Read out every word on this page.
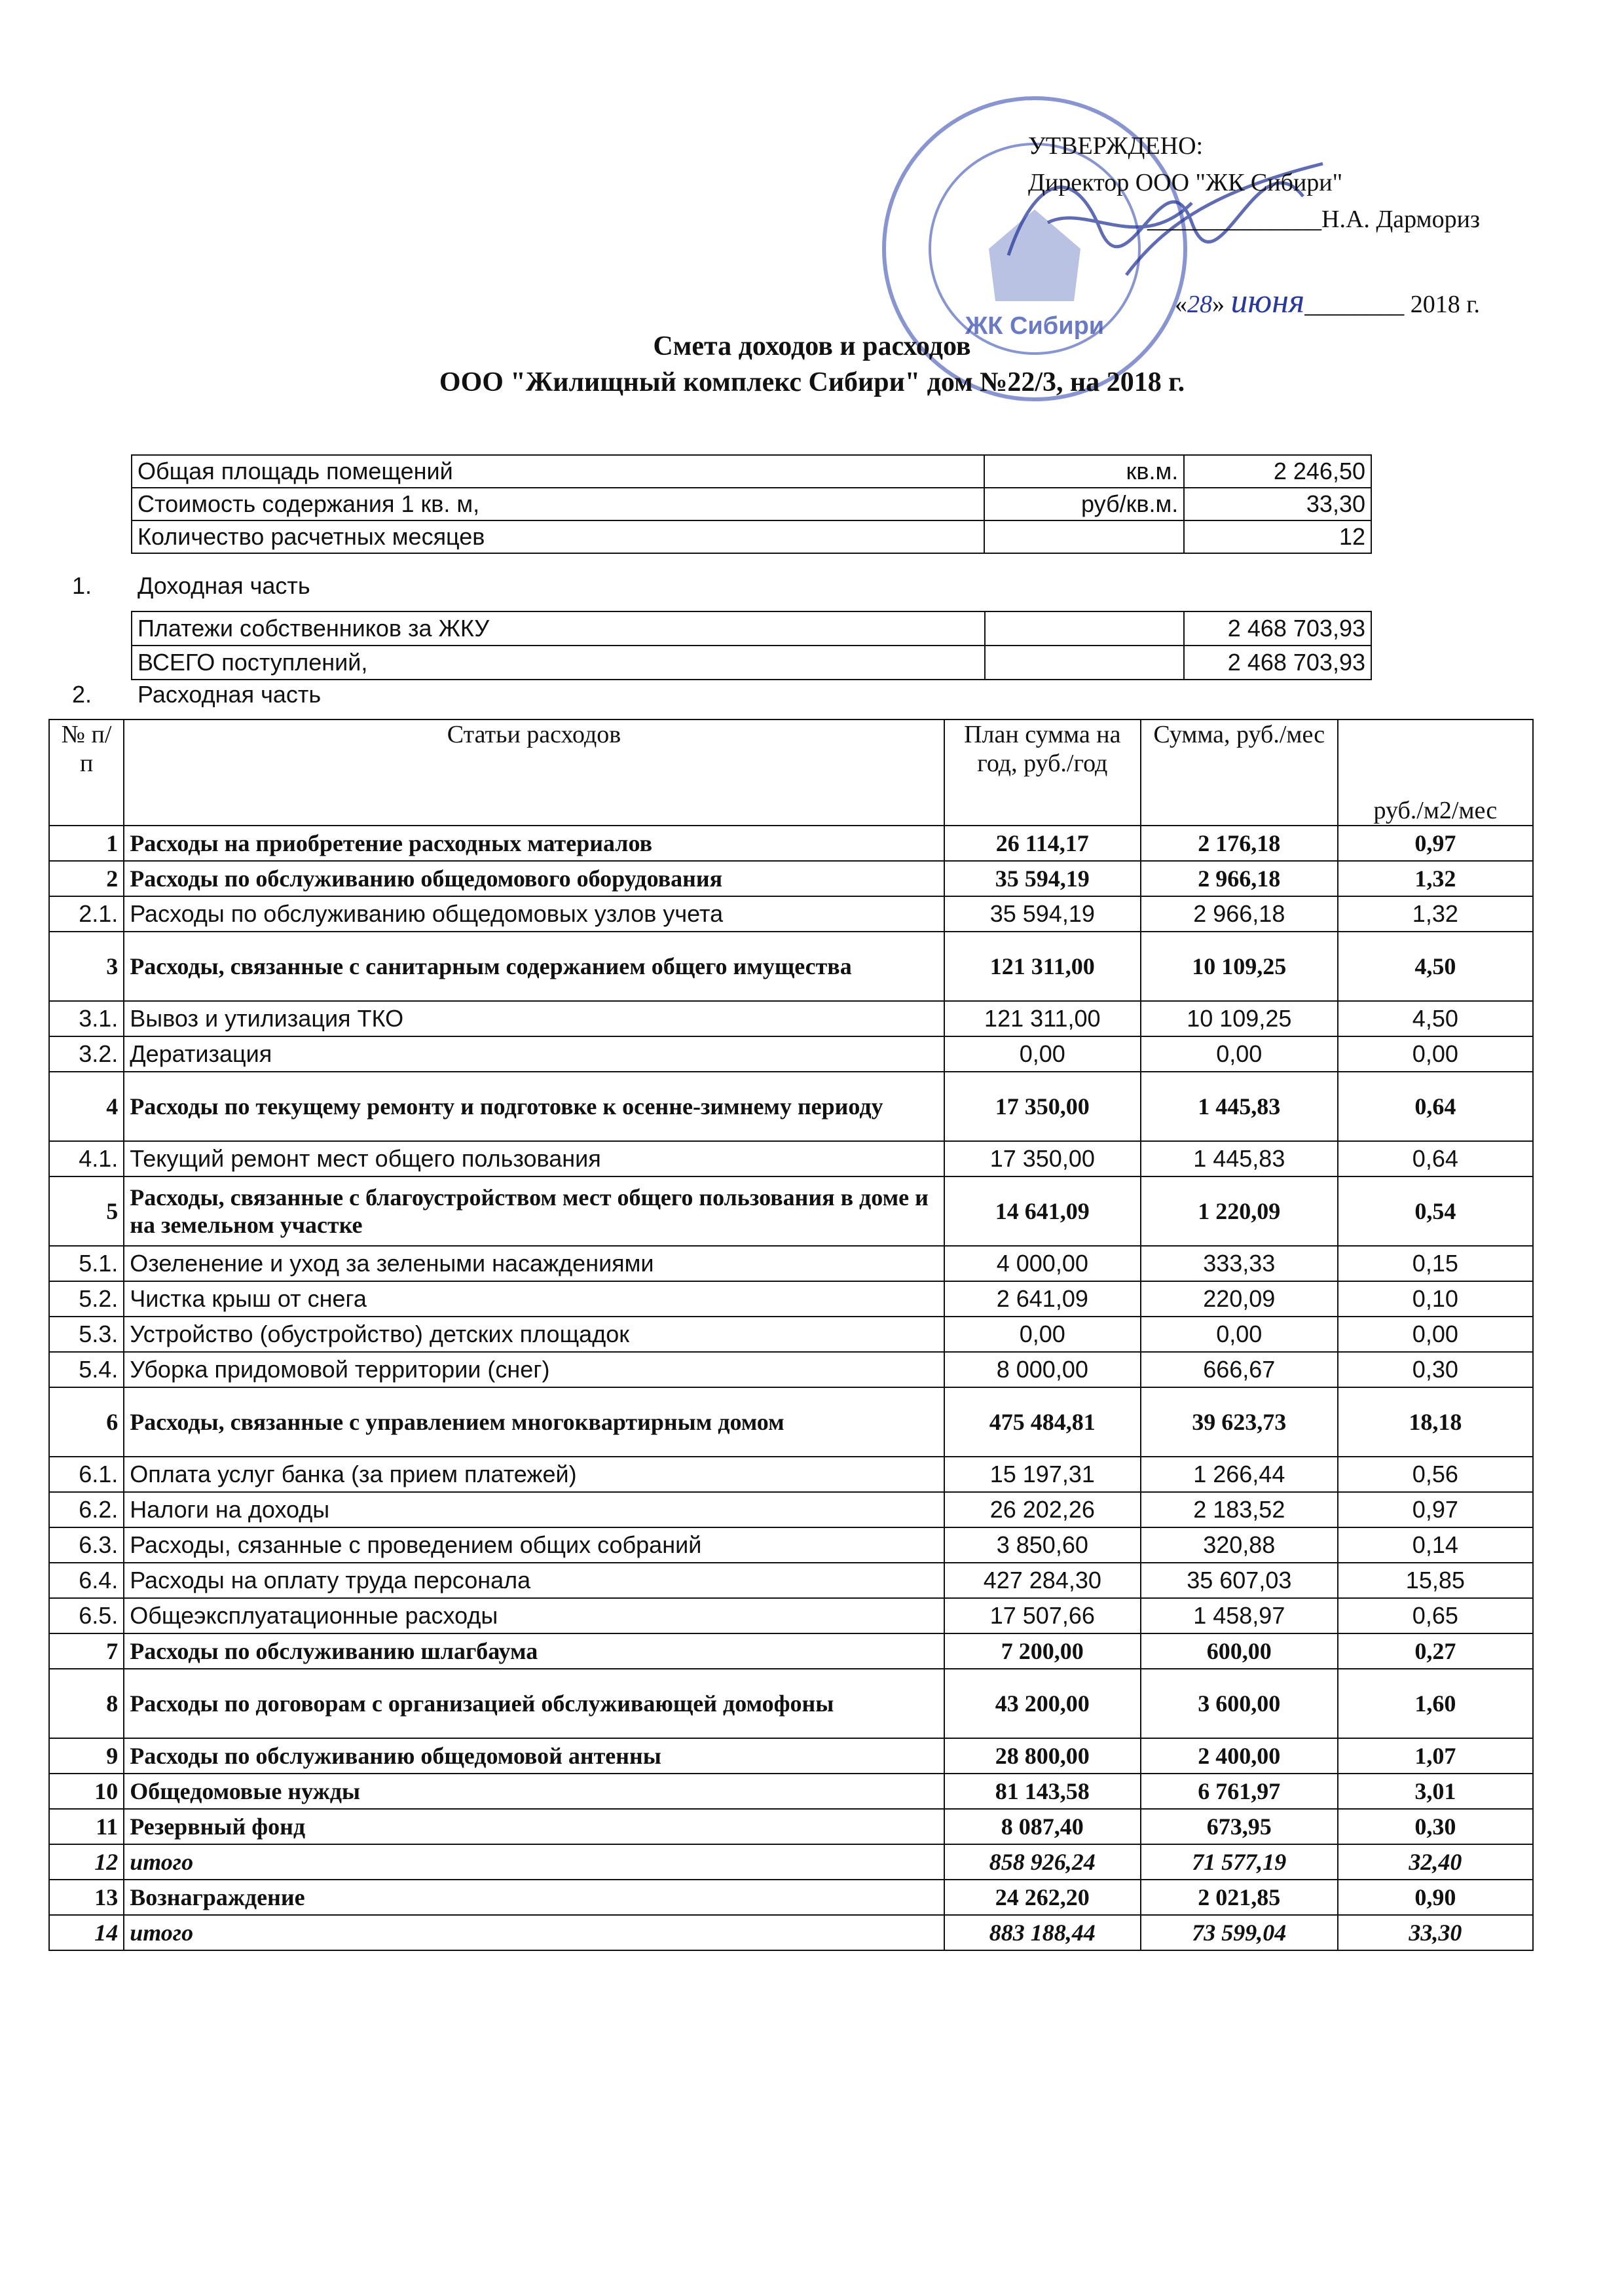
ЖК Сибири
УТВЕРЖДЕНО:
Директор ООО "ЖК Сибири"
______________Н.А. Дармориз
«28» июня________ 2018 г.
Смета доходов и расходов
ООО "Жилищный комплекс Сибири" дом №22/3, на 2018 г.
Общая площадь помещений	кв.м.	2 246,50
Стоимость содержания 1 кв. м,	руб/кв.м.	33,30
Количество расчетных месяцев		12
1. Доходная часть
Платежи собственников за ЖКУ		2 468 703,93
ВСЕГО поступлений,		2 468 703,93
2. Расходная часть
№ п/п	Статьи расходов	План сумма на год, руб./год	Сумма, руб./мес	руб./м2/мес
1	Расходы на приобретение расходных материалов	26 114,17	2 176,18	0,97
2	Расходы по обслуживанию общедомового оборудования	35 594,19	2 966,18	1,32
2.1.	Расходы по обслуживанию общедомовых узлов учета	35 594,19	2 966,18	1,32
3	Расходы, связанные с санитарным содержанием общего имущества	121 311,00	10 109,25	4,50
3.1.	Вывоз и утилизация ТКО	121 311,00	10 109,25	4,50
3.2.	Дератизация	0,00	0,00	0,00
4	Расходы по текущему ремонту и подготовке к осенне-зимнему периоду	17 350,00	1 445,83	0,64
4.1.	Текущий ремонт мест общего пользования	17 350,00	1 445,83	0,64
5	Расходы, связанные с благоустройством мест общего пользования в доме и на земельном участке	14 641,09	1 220,09	0,54
5.1.	Озеленение и уход за зелеными насаждениями	4 000,00	333,33	0,15
5.2.	Чистка крыш от снега	2 641,09	220,09	0,10
5.3.	Устройство (обустройство) детских площадок	0,00	0,00	0,00
5.4.	Уборка придомовой территории (снег)	8 000,00	666,67	0,30
6	Расходы, связанные с управлением многоквартирным домом	475 484,81	39 623,73	18,18
6.1.	Оплата услуг банка (за прием платежей)	15 197,31	1 266,44	0,56
6.2.	Налоги на доходы	26 202,26	2 183,52	0,97
6.3.	Расходы, сязанные с проведением общих собраний	3 850,60	320,88	0,14
6.4.	Расходы на оплату труда персонала	427 284,30	35 607,03	15,85
6.5.	Общеэксплуатационные расходы	17 507,66	1 458,97	0,65
7	Расходы по обслуживанию шлагбаума	7 200,00	600,00	0,27
8	Расходы по договорам с организацией обслуживающей домофоны	43 200,00	3 600,00	1,60
9	Расходы по обслуживанию общедомовой антенны	28 800,00	2 400,00	1,07
10	Общедомовые нужды	81 143,58	6 761,97	3,01
11	Резервный фонд	8 087,40	673,95	0,30
12	итого	858 926,24	71 577,19	32,40
13	Вознаграждение	24 262,20	2 021,85	0,90
14	итого	883 188,44	73 599,04	33,30
